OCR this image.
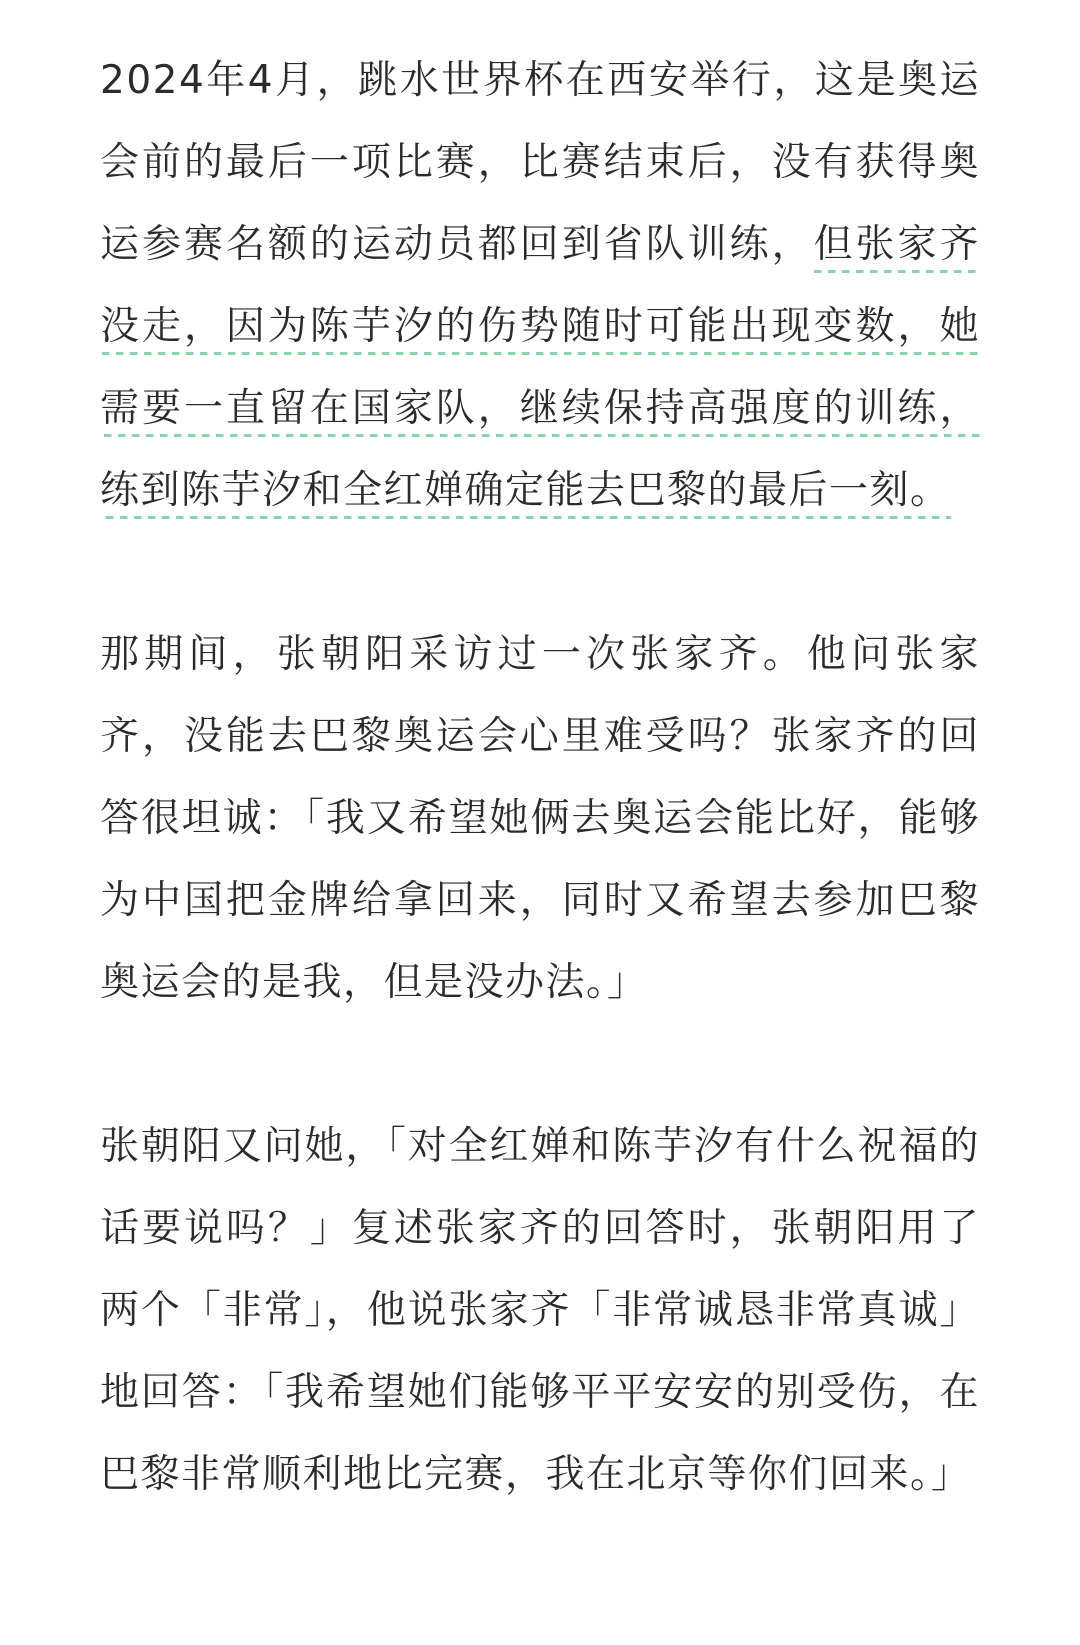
2024年4月，跳水世界杯在西安举行，这是奥运会前的最后一项比赛，比赛结束后，没有获得奥运参赛名额的运动员都回到省队训练，但张家齐没走，因为陈芋汐的伤势随时可能出现变数，她需要一直留在国家队，继续保持高强度的训练，练到陈芋汐和全红婵确定能去巴黎的最后一刻。

那期间，张朝阳采访过一次张家齐。他问张家齐，没能去巴黎奥运会心里难受吗？张家齐的回答很坦诚：「我又希望她俩去奥运会能比好，能够为中国把金牌给拿回来，同时又希望去参加巴黎奥运会的是我，但是没办法。」

张朝阳又问她，「对全红婵和陈芋汐有什么祝福的话要说吗？」复述张家齐的回答时，张朝阳用了两个「非常」，他说张家齐「非常诚恳非常真诚」地回答：「我希望她们能够平平安安的别受伤，在巴黎非常顺利地比完赛，我在北京等你们回来。」
